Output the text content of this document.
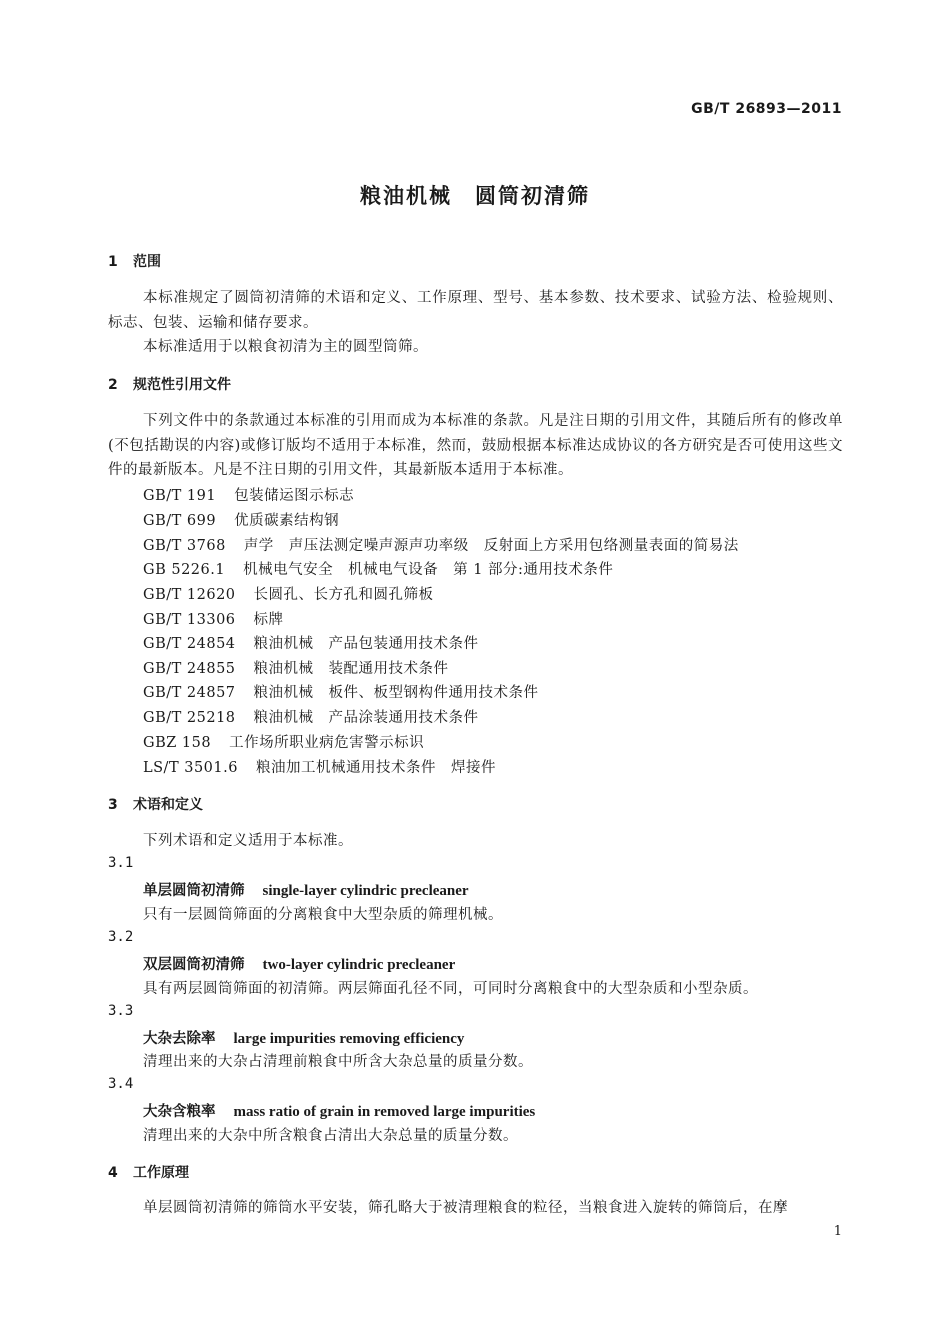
GB/T 26893—2011
粮油机械　圆筒初清筛
1 范围
本标准规定了圆筒初清筛的术语和定义、工作原理、型号、基本参数、技术要求、试验方法、检验规则、标志、包装、运输和储存要求。
本标准适用于以粮食初清为主的圆型筒筛。
2 规范性引用文件
下列文件中的条款通过本标准的引用而成为本标准的条款。凡是注日期的引用文件，其随后所有的修改单(不包括勘误的内容)或修订版均不适用于本标准，然而，鼓励根据本标准达成协议的各方研究是否可使用这些文件的最新版本。凡是不注日期的引用文件，其最新版本适用于本标准。
GB/T 191 包装储运图示标志
GB/T 699 优质碳素结构钢
GB/T 3768 声学　声压法测定噪声源声功率级　反射面上方采用包络测量表面的简易法
GB 5226.1 机械电气安全　机械电气设备　第 1 部分:通用技术条件
GB/T 12620 长圆孔、长方孔和圆孔筛板
GB/T 13306 标牌
GB/T 24854 粮油机械　产品包装通用技术条件
GB/T 24855 粮油机械　装配通用技术条件
GB/T 24857 粮油机械　板件、板型钢构件通用技术条件
GB/T 25218 粮油机械　产品涂装通用技术条件
GBZ 158 工作场所职业病危害警示标识
LS/T 3501.6 粮油加工机械通用技术条件　焊接件
3 术语和定义
下列术语和定义适用于本标准。
3.1
单层圆筒初清筛 single-layer cylindric precleaner
只有一层圆筒筛面的分离粮食中大型杂质的筛理机械。
3.2
双层圆筒初清筛 two-layer cylindric precleaner
具有两层圆筒筛面的初清筛。两层筛面孔径不同，可同时分离粮食中的大型杂质和小型杂质。
3.3
大杂去除率 large impurities removing efficiency
清理出来的大杂占清理前粮食中所含大杂总量的质量分数。
3.4
大杂含粮率 mass ratio of grain in removed large impurities
清理出来的大杂中所含粮食占清出大杂总量的质量分数。
4 工作原理
单层圆筒初清筛的筛筒水平安装，筛孔略大于被清理粮食的粒径，当粮食进入旋转的筛筒后，在摩
1
